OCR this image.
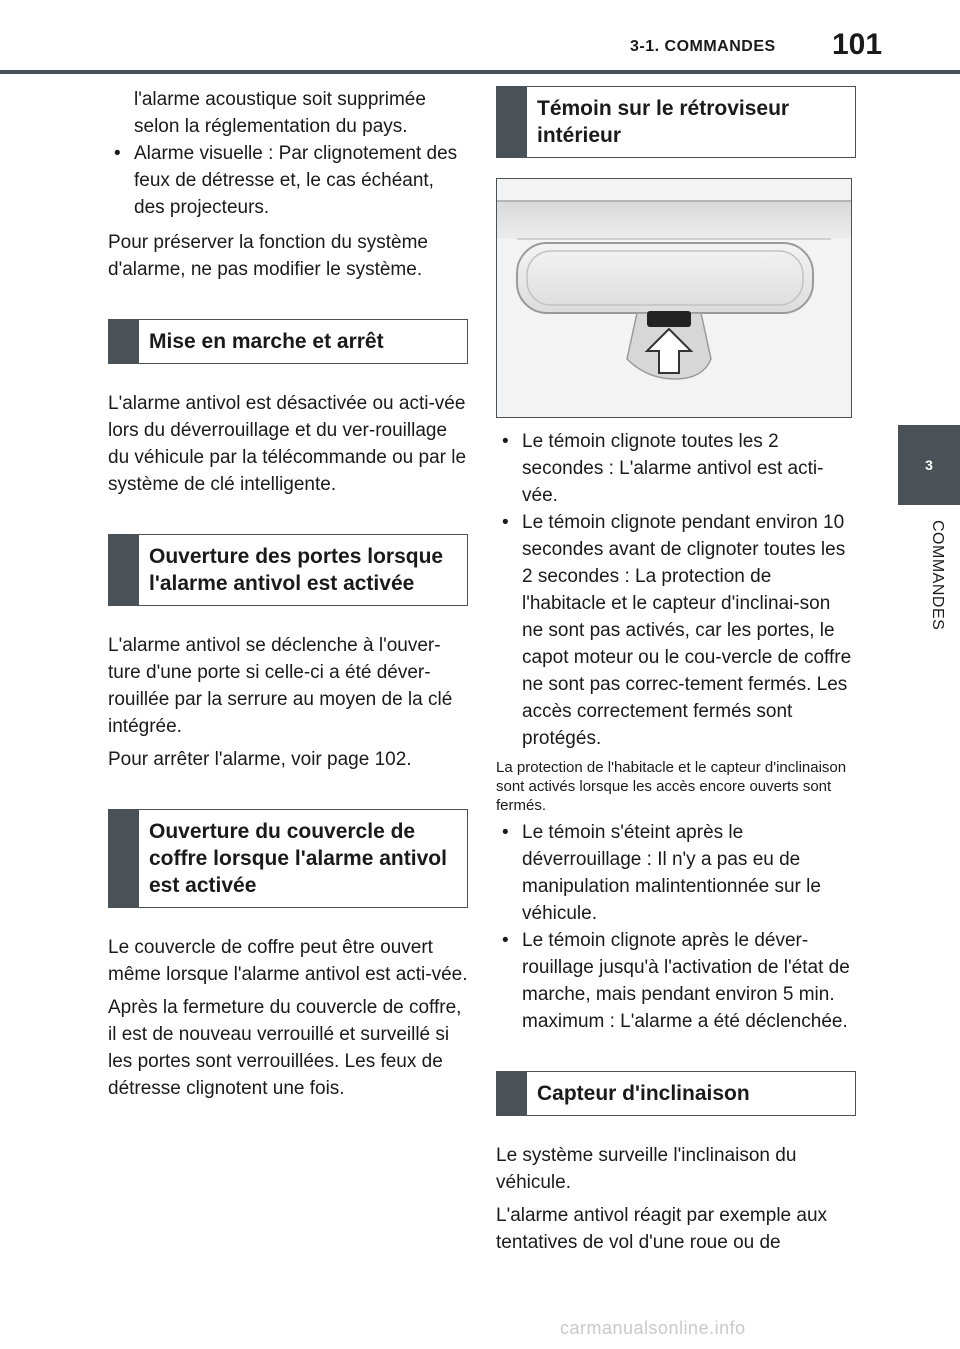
3-1. COMMANDES 101
3
COMMANDES

l'alarme acoustique soit supprimée selon la réglementation du pays.

• Alarme visuelle : Par clignotement des feux de détresse et, le cas échéant, des projecteurs.

Pour préserver la fonction du système d'alarme, ne pas modifier le système.

Mise en marche et arrêt

L'alarme antivol est désactivée ou acti-vée lors du déverrouillage et du ver-rouillage du véhicule par la télécommande ou par le système de clé intelligente.

Ouverture des portes lorsque l'alarme antivol est activée

L'alarme antivol se déclenche à l'ouver-ture d'une porte si celle-ci a été déver-rouillée par la serrure au moyen de la clé intégrée.

Pour arrêter l'alarme, voir page 102.

Ouverture du couvercle de coffre lorsque l'alarme antivol est activée

Le couvercle de coffre peut être ouvert même lorsque l'alarme antivol est acti-vée.

Après la fermeture du couvercle de coffre, il est de nouveau verrouillé et surveillé si les portes sont verrouillées. Les feux de détresse clignotent une fois.

Témoin sur le rétroviseur intérieur
• Le témoin clignote toutes les 2 secondes : L'alarme antivol est acti-vée.
• Le témoin clignote pendant environ 10 secondes avant de clignoter toutes les 2 secondes : La protection de l'habitacle et le capteur d'inclinai-son ne sont pas activés, car les portes, le capot moteur ou le cou-vercle de coffre ne sont pas correc-tement fermés. Les accès correctement fermés sont protégés.

La protection de l'habitacle et le capteur d'inclinaison sont activés lorsque les accès encore ouverts sont fermés.

• Le témoin s'éteint après le déverrouillage : Il n'y a pas eu de manipulation malintentionnée sur le véhicule.
• Le témoin clignote après le déver-rouillage jusqu'à l'activation de l'état de marche, mais pendant environ 5 min. maximum : L'alarme a été déclenchée.
Capteur d'inclinaison

Le système surveille l'inclinaison du véhicule.

L'alarme antivol réagit par exemple aux tentatives de vol d'une roue ou de

carmanualsonline.info
